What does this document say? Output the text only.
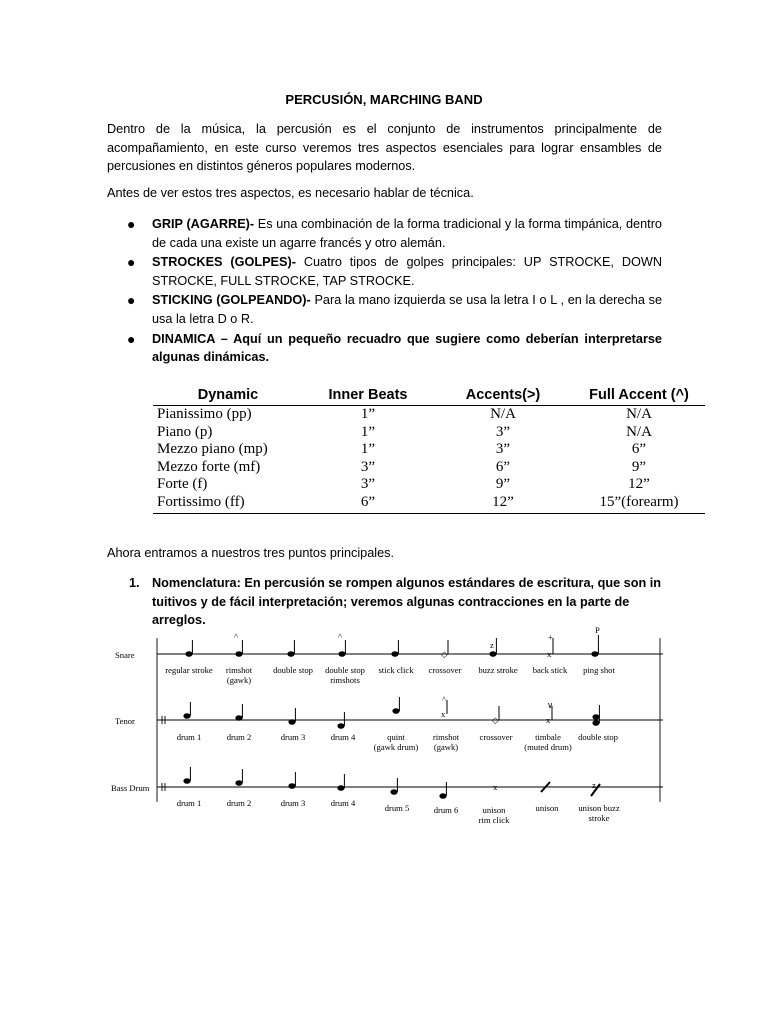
PERCUSIÓN, MARCHING BAND
Dentro de la música, la percusión es el conjunto de instrumentos principalmente de acompañamiento, en este curso veremos tres aspectos esenciales para lograr ensambles de percusiones en distintos géneros populares modernos.
Antes de ver estos tres aspectos, es necesario hablar de técnica.
● GRIP (AGARRE)- Es una combinación de la forma tradicional y la forma timpánica, dentro de cada una existe un agarre francés y otro alemán.
● STROCKES (GOLPES)- Cuatro tipos de golpes principales: UP STROCKE, DOWN STROCKE, FULL STROCKE, TAP STROCKE.
● STICKING (GOLPEANDO)- Para la mano izquierda se usa la letra I o L , en la derecha se usa la letra D o R.
● DINAMICA – Aquí un pequeño recuadro que sugiere como deberían interpretarse algunas dinámicas.
Dynamic	Inner Beats	Accents(>)	Full Accent (^)
Pianissimo (pp)	1”	N/A	N/A
Piano (p)	1”	3”	N/A
Mezzo piano (mp)	1”	3”	6”
Mezzo forte (mf)	3”	6”	9”
Forte (f)	3”	9”	12”
Fortissimo (ff)	6”	12”	15”(forearm)
Ahora entramos a nuestros tres puntos principales.
1. Nomenclatura: En percusión se rompen algunos estándares de escritura, que son in tuitivos y de fácil interpretación; veremos algunas contracciones en la parte de arreglos.
Snare
Tenor
Bass Drum
^	^
◇
z
x
+
P
x
^
◇	x
∨
x	z
regular stroke rimshot
(gawk)
double stop double stop
rimshots
stick click crossover buzz stroke back stick ping shot
drum 1	drum 2	drum 3	drum 4	quint
(gawk drum)
rimshot
(gawk)
crossover	timbale
(muted drum)
double stop
drum 1	drum 2	drum 3	drum 4	drum 5	drum 6	unison
rim click
unison unison buzz
stroke
